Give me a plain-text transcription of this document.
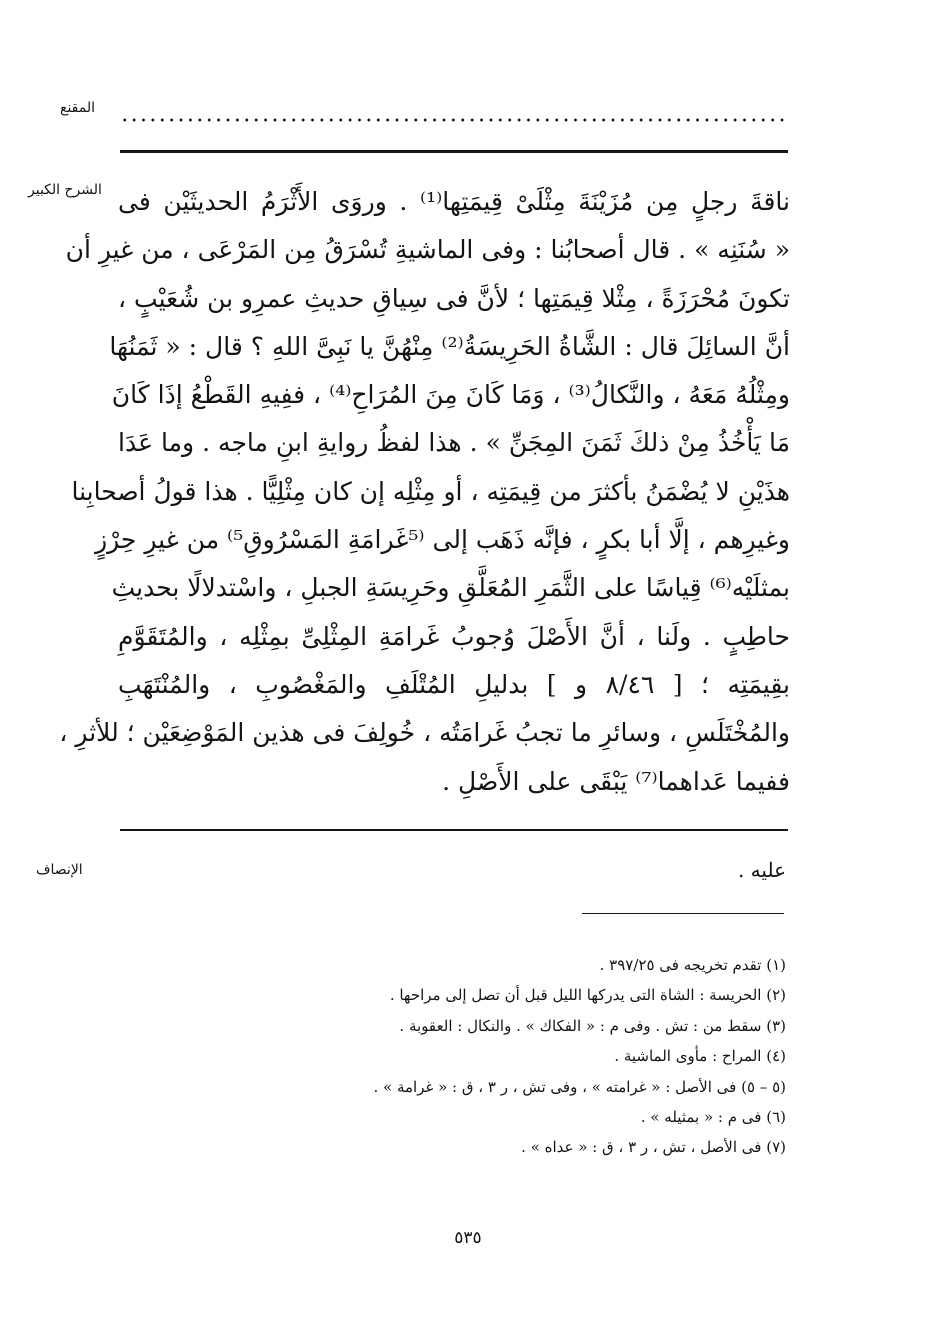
المقنع
الشرح الكبير ناقةَ رجلٍ مِن مُزَيْنَةَ مِثْلَىْ قِيمَتِها⁽¹⁾ . وروَى الأَثْرَمُ الحديثَيْن فى
« سُنَنِه » . قال أصحابُنا : وفى الماشيةِ تُسْرَقُ مِن المَرْعَى ، من غيرِ أن
تكونَ مُحْرَزَةً ، مِثْلا قِيمَتِها ؛ لأنَّ فى سِياقِ حديثِ عمرِو بن شُعَيْبٍ ،
أنَّ السائِلَ قال : الشَّاةُ الحَرِيسَةُ⁽²⁾ مِنْهُنَّ يا نَبِىَّ اللهِ ؟ قال : « ثَمَنُهَا
ومِثْلُهُ مَعَهُ ، والنَّكالُ⁽³⁾ ، وَمَا كَانَ مِنَ المُرَاحِ⁽⁴⁾ ، ففِيهِ القَطْعُ إذَا كَانَ
مَا يَأْخُذُ مِنْ ذلكَ ثَمَنَ المِجَنِّ » . هذا لفظُ روايةِ ابنِ ماجه . وما عَدَا
هذَيْنِ لا يُضْمَنُ بأكثرَ من قِيمَتِه ، أو مِثْلِه إن كان مِثْلِيًّا . هذا قولُ أصحابِنا
وغيرِهم ، إلَّا أبا بكرٍ ، فإنَّه ذَهَب إلى ⁽⁵غَرامَةِ المَسْرُوقِ⁵⁾ من غيرِ حِرْزٍ
بمثلَيْه⁽⁶⁾ قِياسًا على الثَّمَرِ المُعَلَّقِ وحَرِيسَةِ الجبلِ ، واسْتدلالًا بحديثِ
حاطِبٍ . ولَنا ، أنَّ الأَصْلَ وُجوبُ غَرامَةِ المِثْلِىِّ بمِثْلِه ، والمُتَقَوَّمِ
بقِيمَتِه ؛ [ ٨/٤٦ و ] بدليلِ المُتْلَفِ والمَغْصُوبِ ، والمُنْتَهَبِ
والمُخْتَلَسِ ، وسائرِ ما تجبُ غَرامَتُه ، خُولِفَ فى هذين المَوْضِعَيْن ؛ للأثرِ ،
ففيما عَداهما⁽⁷⁾ يَبْقَى على الأَصْلِ .
الإنصاف	عليه .
(١) تقدم تخريجه فى ٣٩٧/٢٥ .
(٢) الحريسة : الشاة التى يدركها الليل قبل أن تصل إلى مراحها .
(٣) سقط من : تش . وفى م : « الفكاك » . والنكال : العقوبة .
(٤) المراح : مأوى الماشية .
(٥ – ٥) فى الأصل : « غرامته » ، وفى تش ، ر ٣ ، ق : « غرامة » .
(٦) فى م : « بمثيله » .
(٧) فى الأصل ، تش ، ر ٣ ، ق : « عداه » .
٥٣٥
